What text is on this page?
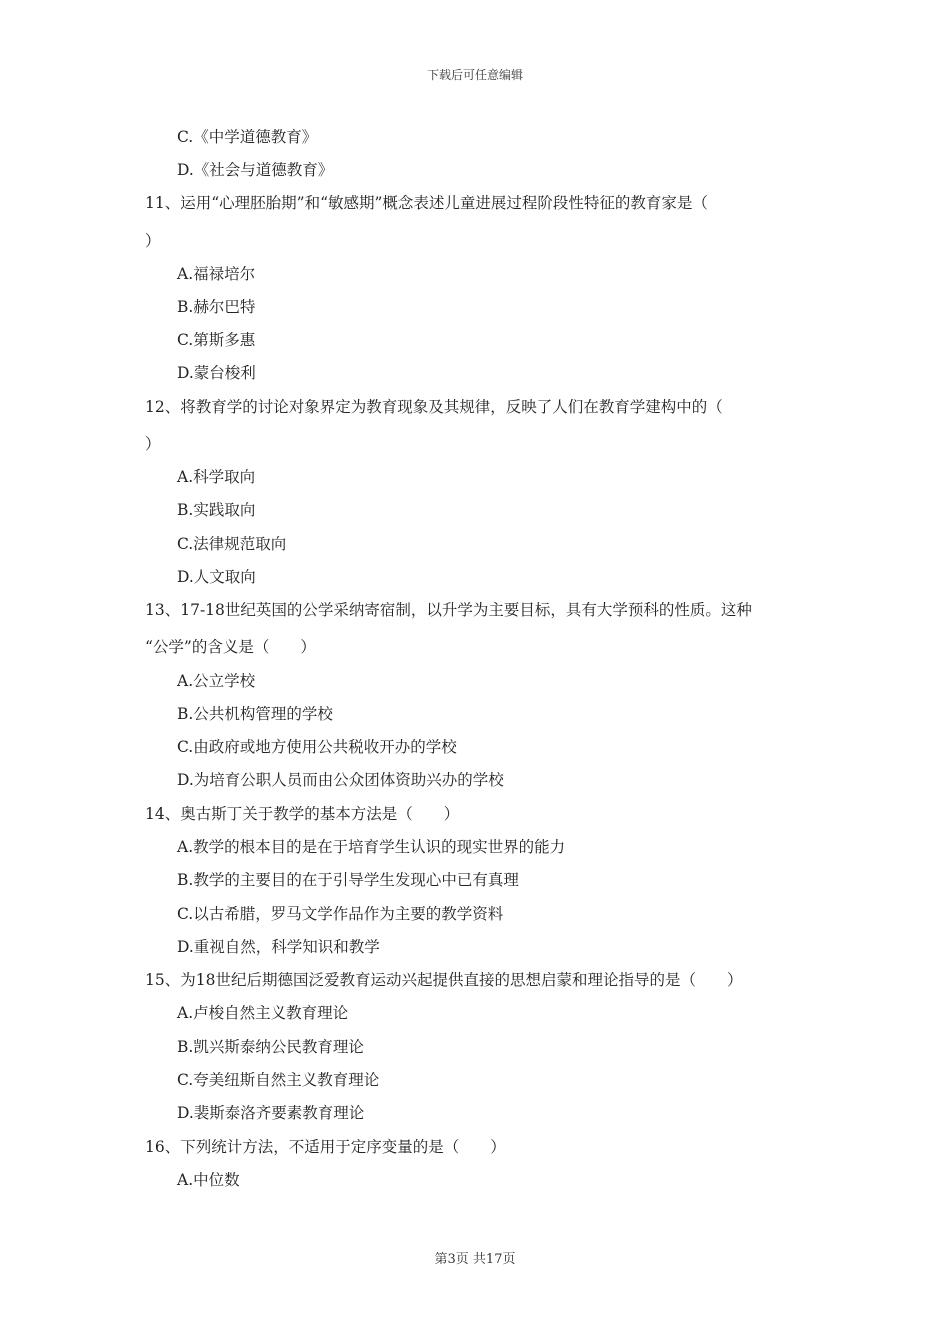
下载后可任意编辑
C.《中学道德教育》
D.《社会与道德教育》
11、运用“心理胚胎期”和“敏感期”概念表述儿童进展过程阶段性特征的教育家是（
）
A.福禄培尔
B.赫尔巴特
C.第斯多惠
D.蒙台梭利
12、将教育学的讨论对象界定为教育现象及其规律，反映了人们在教育学建构中的（
）
A.科学取向
B.实践取向
C.法律规范取向
D.人文取向
13、17-18世纪英国的公学采纳寄宿制，以升学为主要目标，具有大学预科的性质。这种
“公学”的含义是（　　）
A.公立学校
B.公共机构管理的学校
C.由政府或地方使用公共税收开办的学校
D.为培育公职人员而由公众团体资助兴办的学校
14、奥古斯丁关于教学的基本方法是（　　）
A.教学的根本目的是在于培育学生认识的现实世界的能力
B.教学的主要目的在于引导学生发现心中已有真理
C.以古希腊，罗马文学作品作为主要的教学资料
D.重视自然，科学知识和教学
15、为18世纪后期德国泛爱教育运动兴起提供直接的思想启蒙和理论指导的是（　　）
A.卢梭自然主义教育理论
B.凯兴斯泰纳公民教育理论
C.夸美纽斯自然主义教育理论
D.裴斯泰洛齐要素教育理论
16、下列统计方法，不适用于定序变量的是（　　）
A.中位数
第3页 共17页
